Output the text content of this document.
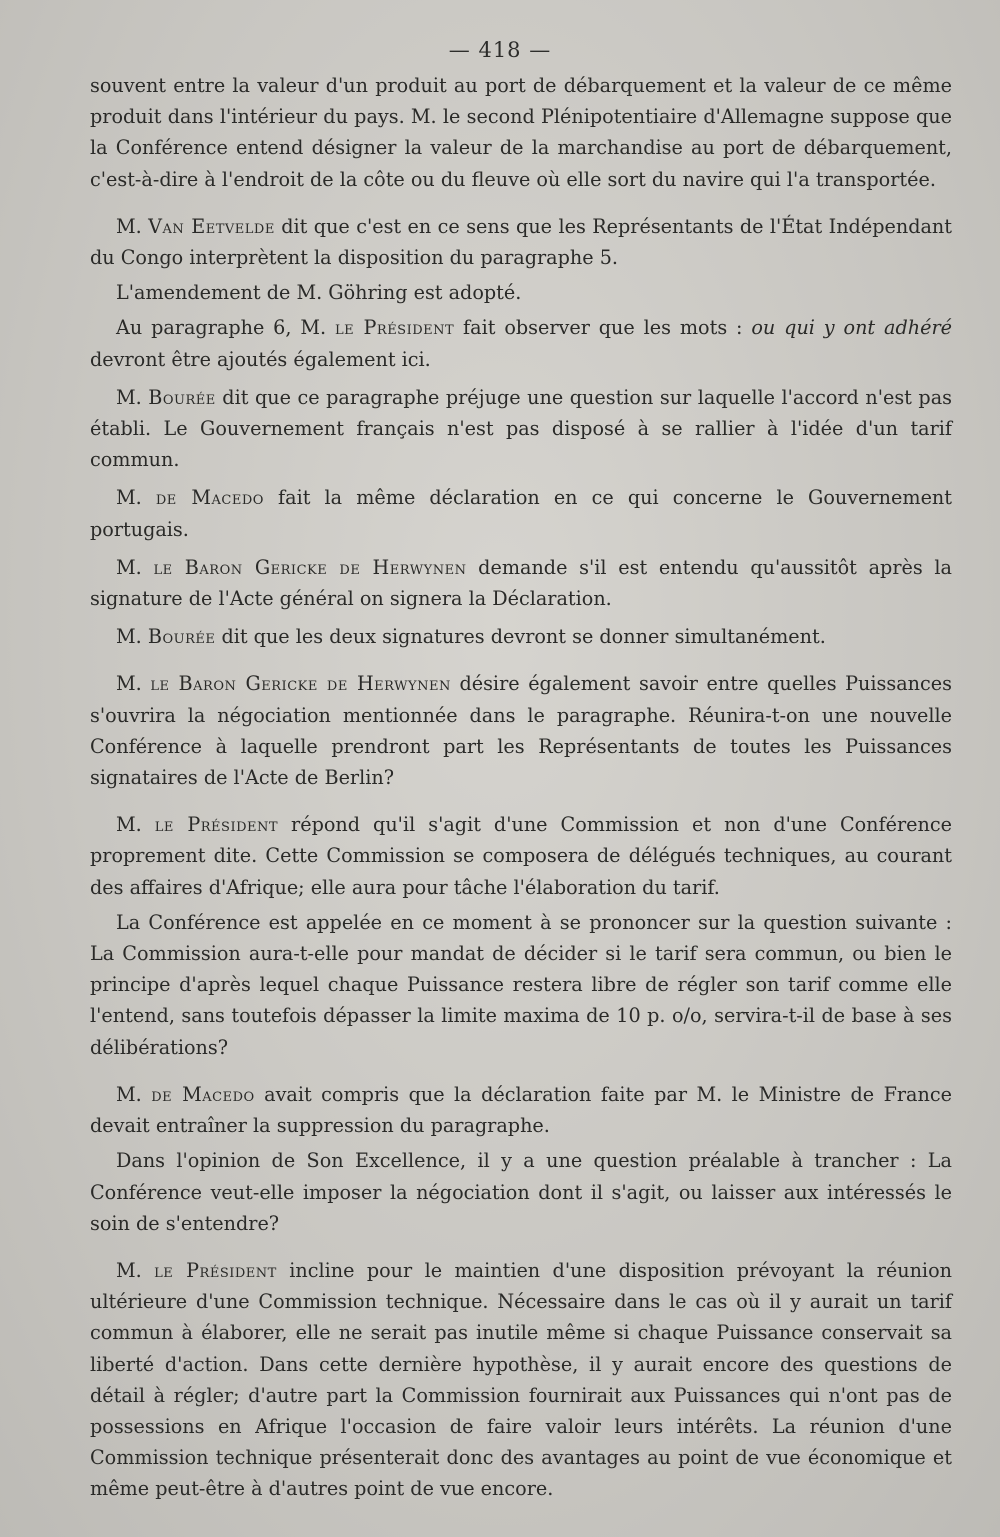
— 418 —

souvent entre la valeur d'un produit au port de débarquement et la valeur de ce même produit dans l'intérieur du pays. M. le second Plénipotentiaire d'Allemagne suppose que la Conférence entend désigner la valeur de la marchandise au port de débarquement, c'est-à-dire à l'endroit de la côte ou du fleuve où elle sort du navire qui l'a transportée.

M. Van Eetvelde dit que c'est en ce sens que les Représentants de l'État Indépendant du Congo interprètent la disposition du paragraphe 5.

L'amendement de M. Göhring est adopté.

Au paragraphe 6, M. le Président fait observer que les mots : ou qui y ont adhéré devront être ajoutés également ici.

M. Bourée dit que ce paragraphe préjuge une question sur laquelle l'accord n'est pas établi. Le Gouvernement français n'est pas disposé à se rallier à l'idée d'un tarif commun.

M. de Macedo fait la même déclaration en ce qui concerne le Gouvernement portugais.

M. le Baron Gericke de Herwynen demande s'il est entendu qu'aussitôt après la signature de l'Acte général on signera la Déclaration.

M. Bourée dit que les deux signatures devront se donner simultanément.

M. le Baron Gericke de Herwynen désire également savoir entre quelles Puissances s'ouvrira la négociation mentionnée dans le paragraphe. Réunira-t-on une nouvelle Conférence à laquelle prendront part les Représentants de toutes les Puissances signataires de l'Acte de Berlin?

M. le Président répond qu'il s'agit d'une Commission et non d'une Conférence proprement dite. Cette Commission se composera de délégués techniques, au courant des affaires d'Afrique; elle aura pour tâche l'élaboration du tarif.

La Conférence est appelée en ce moment à se prononcer sur la question suivante : La Commission aura-t-elle pour mandat de décider si le tarif sera commun, ou bien le principe d'après lequel chaque Puissance restera libre de régler son tarif comme elle l'entend, sans toutefois dépasser la limite maxima de 10 p. o/o, servira-t-il de base à ses délibérations?

M. de Macedo avait compris que la déclaration faite par M. le Ministre de France devait entraîner la suppression du paragraphe.

Dans l'opinion de Son Excellence, il y a une question préalable à trancher : La Conférence veut-elle imposer la négociation dont il s'agit, ou laisser aux intéressés le soin de s'entendre?

M. le Président incline pour le maintien d'une disposition prévoyant la réunion ultérieure d'une Commission technique. Nécessaire dans le cas où il y aurait un tarif commun à élaborer, elle ne serait pas inutile même si chaque Puissance conservait sa liberté d'action. Dans cette dernière hypothèse, il y aurait encore des questions de détail à régler; d'autre part la Commission fournirait aux Puissances qui n'ont pas de possessions en Afrique l'occasion de faire valoir leurs intérêts. La réunion d'une Commission technique présenterait donc des avantages au point de vue économique et même peut-être à d'autres point de vue encore.
